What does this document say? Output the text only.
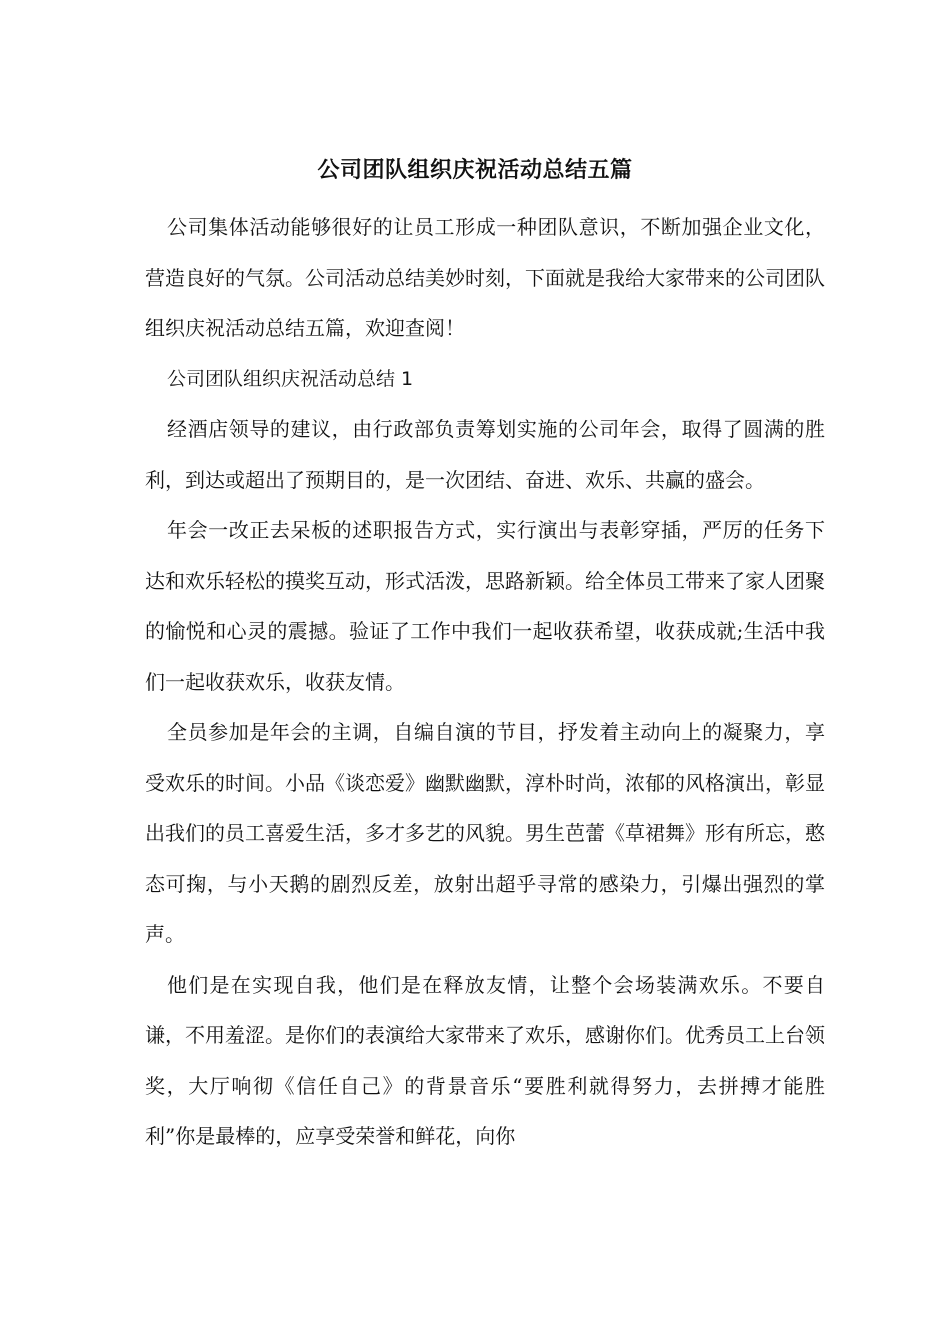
公司团队组织庆祝活动总结五篇

公司集体活动能够很好的让员工形成一种团队意识，不断加强企业文化，营造良好的气氛。公司活动总结美妙时刻，下面就是我给大家带来的公司团队组织庆祝活动总结五篇，欢迎查阅！

公司团队组织庆祝活动总结 1

经酒店领导的建议，由行政部负责筹划实施的公司年会，取得了圆满的胜利，到达或超出了预期目的，是一次团结、奋进、欢乐、共赢的盛会。

年会一改正去呆板的述职报告方式，实行演出与表彰穿插，严厉的任务下达和欢乐轻松的摸奖互动，形式活泼，思路新颖。给全体员工带来了家人团聚的愉悦和心灵的震撼。验证了工作中我们一起收获希望，收获成就;生活中我们一起收获欢乐，收获友情。

全员参加是年会的主调，自编自演的节目，抒发着主动向上的凝聚力，享受欢乐的时间。小品《谈恋爱》幽默幽默，淳朴时尚，浓郁的风格演出，彰显出我们的员工喜爱生活，多才多艺的风貌。男生芭蕾《草裙舞》形有所忘，憨态可掬，与小天鹅的剧烈反差，放射出超乎寻常的感染力，引爆出强烈的掌声。

他们是在实现自我，他们是在释放友情，让整个会场装满欢乐。不要自谦，不用羞涩。是你们的表演给大家带来了欢乐，感谢你们。优秀员工上台领奖，大厅响彻《信任自己》的背景音乐“要胜利就得努力，去拼搏才能胜利”你是最棒的，应享受荣誉和鲜花，向你
